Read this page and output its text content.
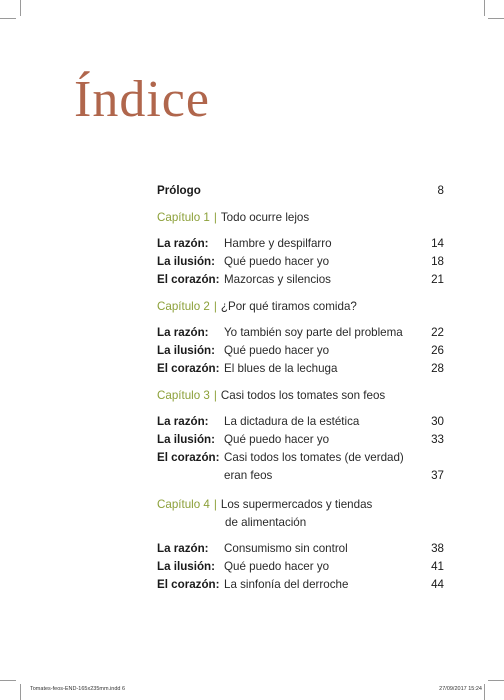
Índice
Prólogo	8
Capítulo 1 | Todo ocurre lejos
La razón: Hambre y despilfarro	14
La ilusión: Qué puedo hacer yo	18
El corazón: Mazorcas y silencios	21
Capítulo 2 | ¿Por qué tiramos comida?
La razón: Yo también soy parte del problema 22
La ilusión: Qué puedo hacer yo	26
El corazón: El blues de la lechuga	28
Capítulo 3 | Casi todos los tomates son feos
La razón: La dictadura de la estética	30
La ilusión: Qué puedo hacer yo	33
El corazón: Casi todos los tomates (de verdad)
eran feos	37
Capítulo 4 | Los supermercados y tiendas
de alimentación
La razón: Consumismo sin control	38
La ilusión: Qué puedo hacer yo	41
El corazón: La sinfonía del derroche	44
Tomates-feos-END-165x235mm.indd 6	27/09/2017 15:24
